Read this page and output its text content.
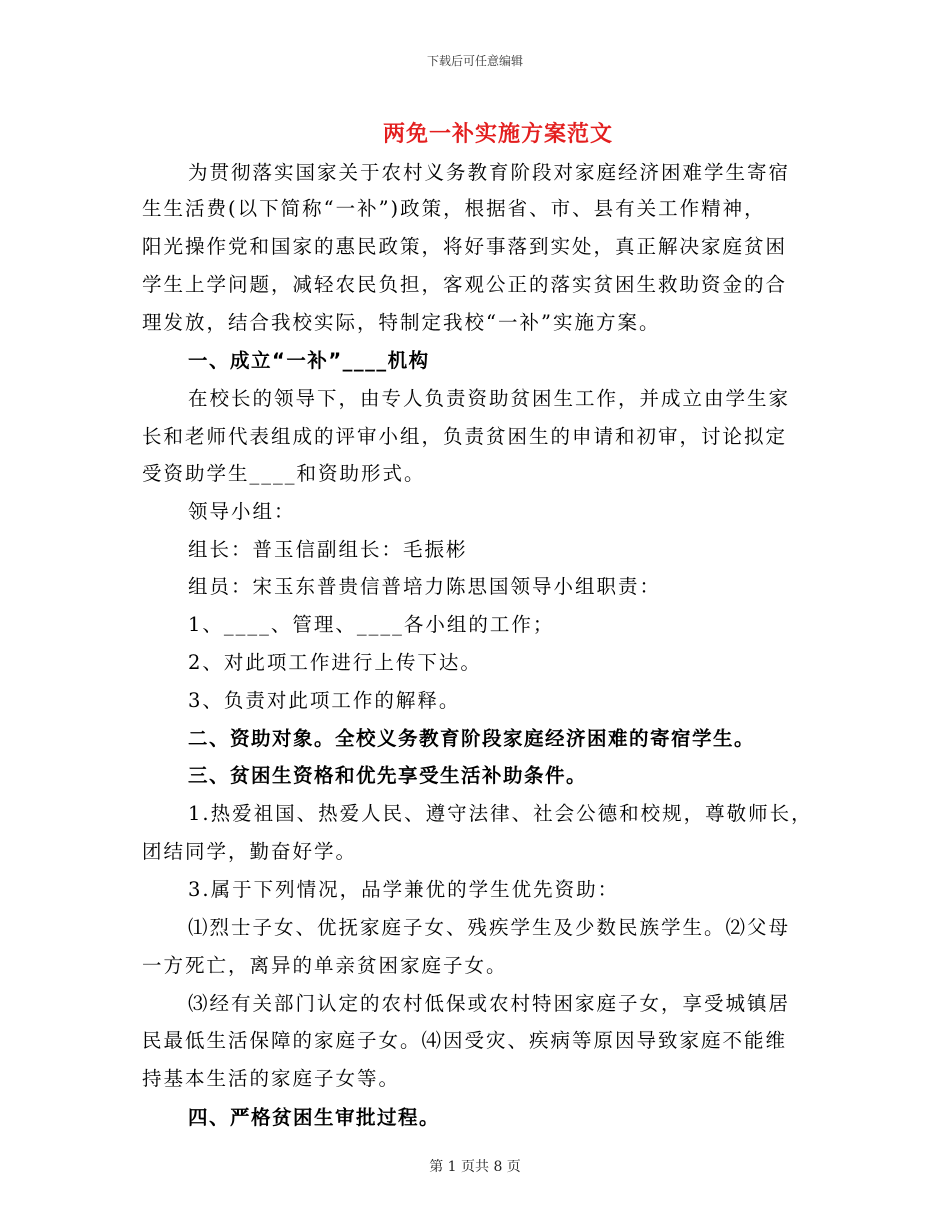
下载后可任意编辑
两免一补实施方案范文
为贯彻落实国家关于农村义务教育阶段对家庭经济困难学生寄宿
生生活费(以下简称“一补”)政策，根据省、市、县有关工作精神，
阳光操作党和国家的惠民政策，将好事落到实处，真正解决家庭贫困
学生上学问题，减轻农民负担，客观公正的落实贫困生救助资金的合
理发放，结合我校实际，特制定我校“一补”实施方案。
一、成立“一补”____机构
在校长的领导下，由专人负责资助贫困生工作，并成立由学生家
长和老师代表组成的评审小组，负责贫困生的申请和初审，讨论拟定
受资助学生____和资助形式。
领导小组：
组长：普玉信副组长：毛振彬
组员：宋玉东普贵信普培力陈思国领导小组职责：
1、____、管理、____各小组的工作；
2、对此项工作进行上传下达。
3、负责对此项工作的解释。
二、资助对象。全校义务教育阶段家庭经济困难的寄宿学生。
三、贫困生资格和优先享受生活补助条件。
1.热爱祖国、热爱人民、遵守法律、社会公德和校规，尊敬师长，
团结同学，勤奋好学。
3.属于下列情况，品学兼优的学生优先资助：
⑴烈士子女、优抚家庭子女、残疾学生及少数民族学生。⑵父母
一方死亡，离异的单亲贫困家庭子女。
⑶经有关部门认定的农村低保或农村特困家庭子女，享受城镇居
民最低生活保障的家庭子女。⑷因受灾、疾病等原因导致家庭不能维
持基本生活的家庭子女等。
四、严格贫困生审批过程。
第 1 页共 8 页
